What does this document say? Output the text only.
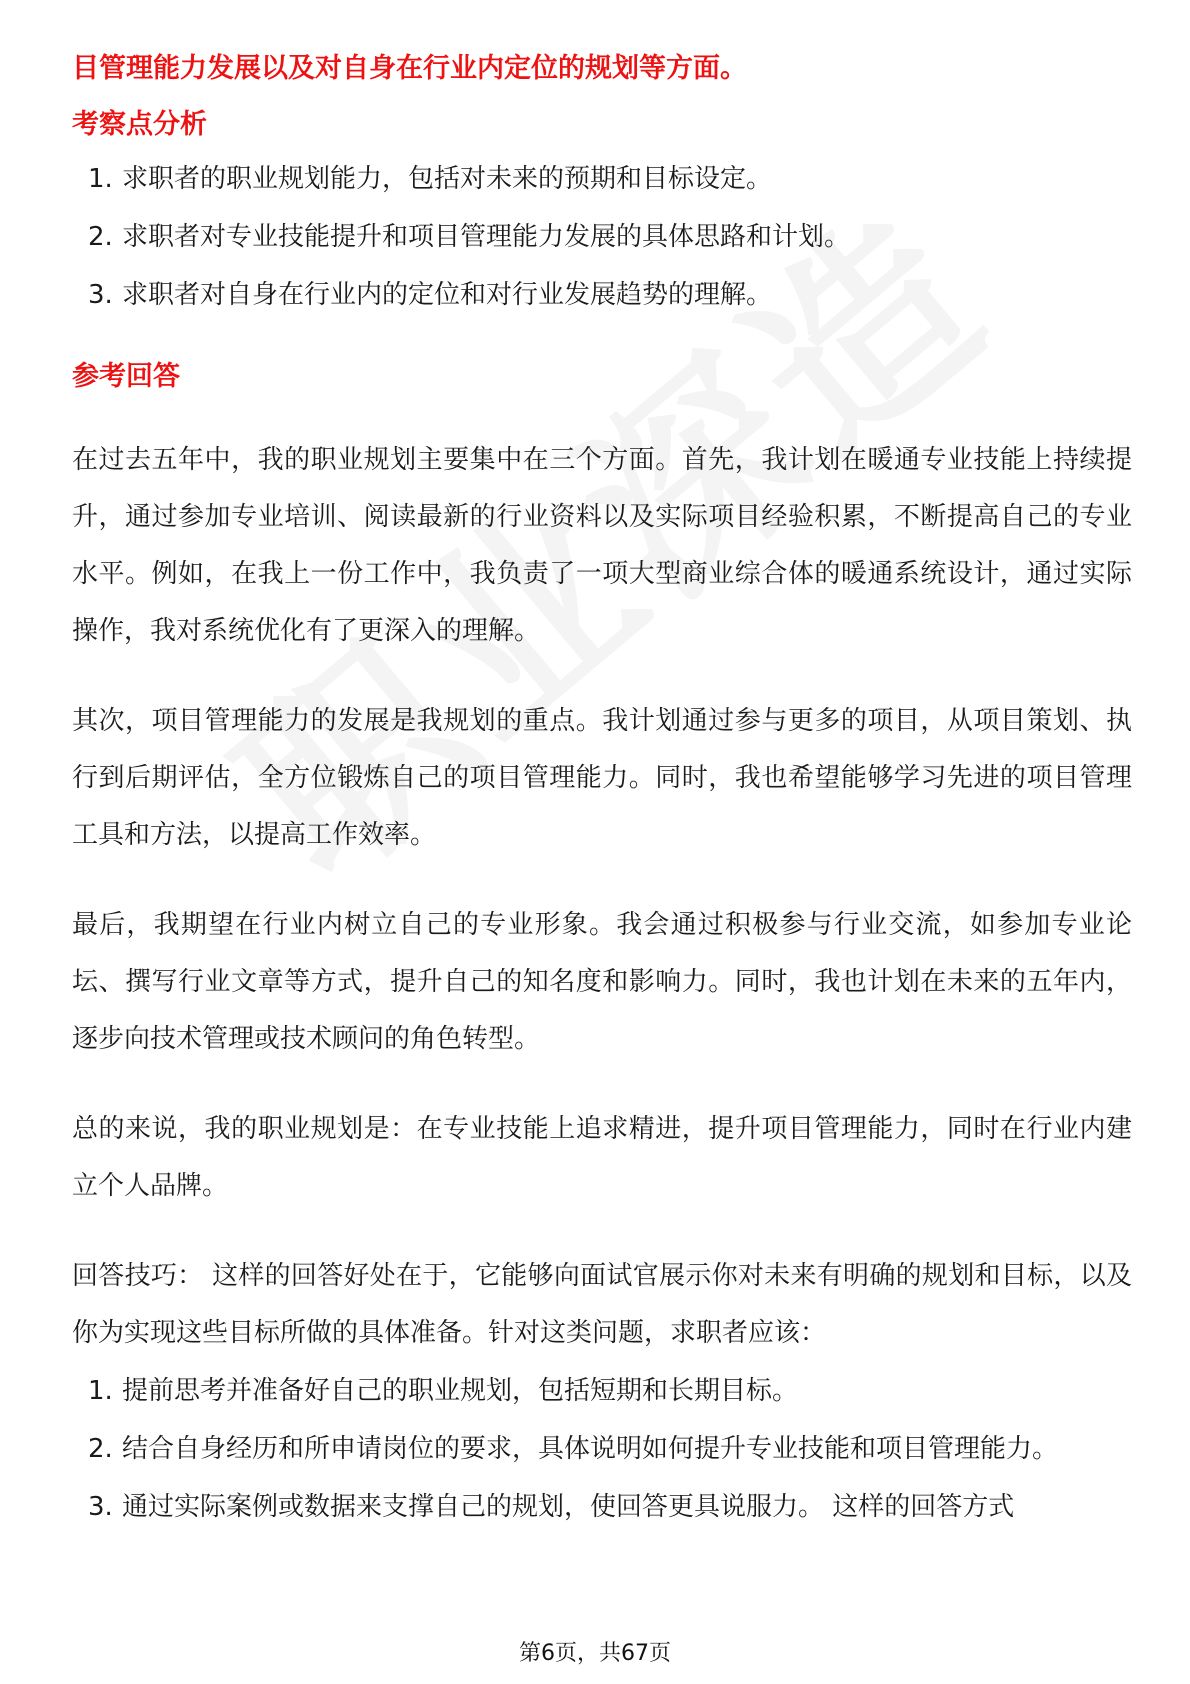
目管理能力发展以及对自身在行业内定位的规划等方面。

考察点分析

1. 求职者的职业规划能力，包括对未来的预期和目标设定。
2. 求职者对专业技能提升和项目管理能力发展的具体思路和计划。
3. 求职者对自身在行业内的定位和对行业发展趋势的理解。

参考回答

在过去五年中，我的职业规划主要集中在三个方面。首先，我计划在暖通专业技能上持续提升，通过参加专业培训、阅读最新的行业资料以及实际项目经验积累，不断提高自己的专业水平。例如，在我上一份工作中，我负责了一项大型商业综合体的暖通系统设计，通过实际操作，我对系统优化有了更深入的理解。

其次，项目管理能力的发展是我规划的重点。我计划通过参与更多的项目，从项目策划、执行到后期评估，全方位锻炼自己的项目管理能力。同时，我也希望能够学习先进的项目管理工具和方法，以提高工作效率。

最后，我期望在行业内树立自己的专业形象。我会通过积极参与行业交流，如参加专业论坛、撰写行业文章等方式，提升自己的知名度和影响力。同时，我也计划在未来的五年内，逐步向技术管理或技术顾问的角色转型。

总的来说，我的职业规划是：在专业技能上追求精进，提升项目管理能力，同时在行业内建立个人品牌。

回答技巧： 这样的回答好处在于，它能够向面试官展示你对未来有明确的规划和目标，以及你为实现这些目标所做的具体准备。针对这类问题，求职者应该：

1. 提前思考并准备好自己的职业规划，包括短期和长期目标。
2. 结合自身经历和所申请岗位的要求，具体说明如何提升专业技能和项目管理能力。
3. 通过实际案例或数据来支撑自己的规划，使回答更具说服力。 这样的回答方式
第6页，共67页
